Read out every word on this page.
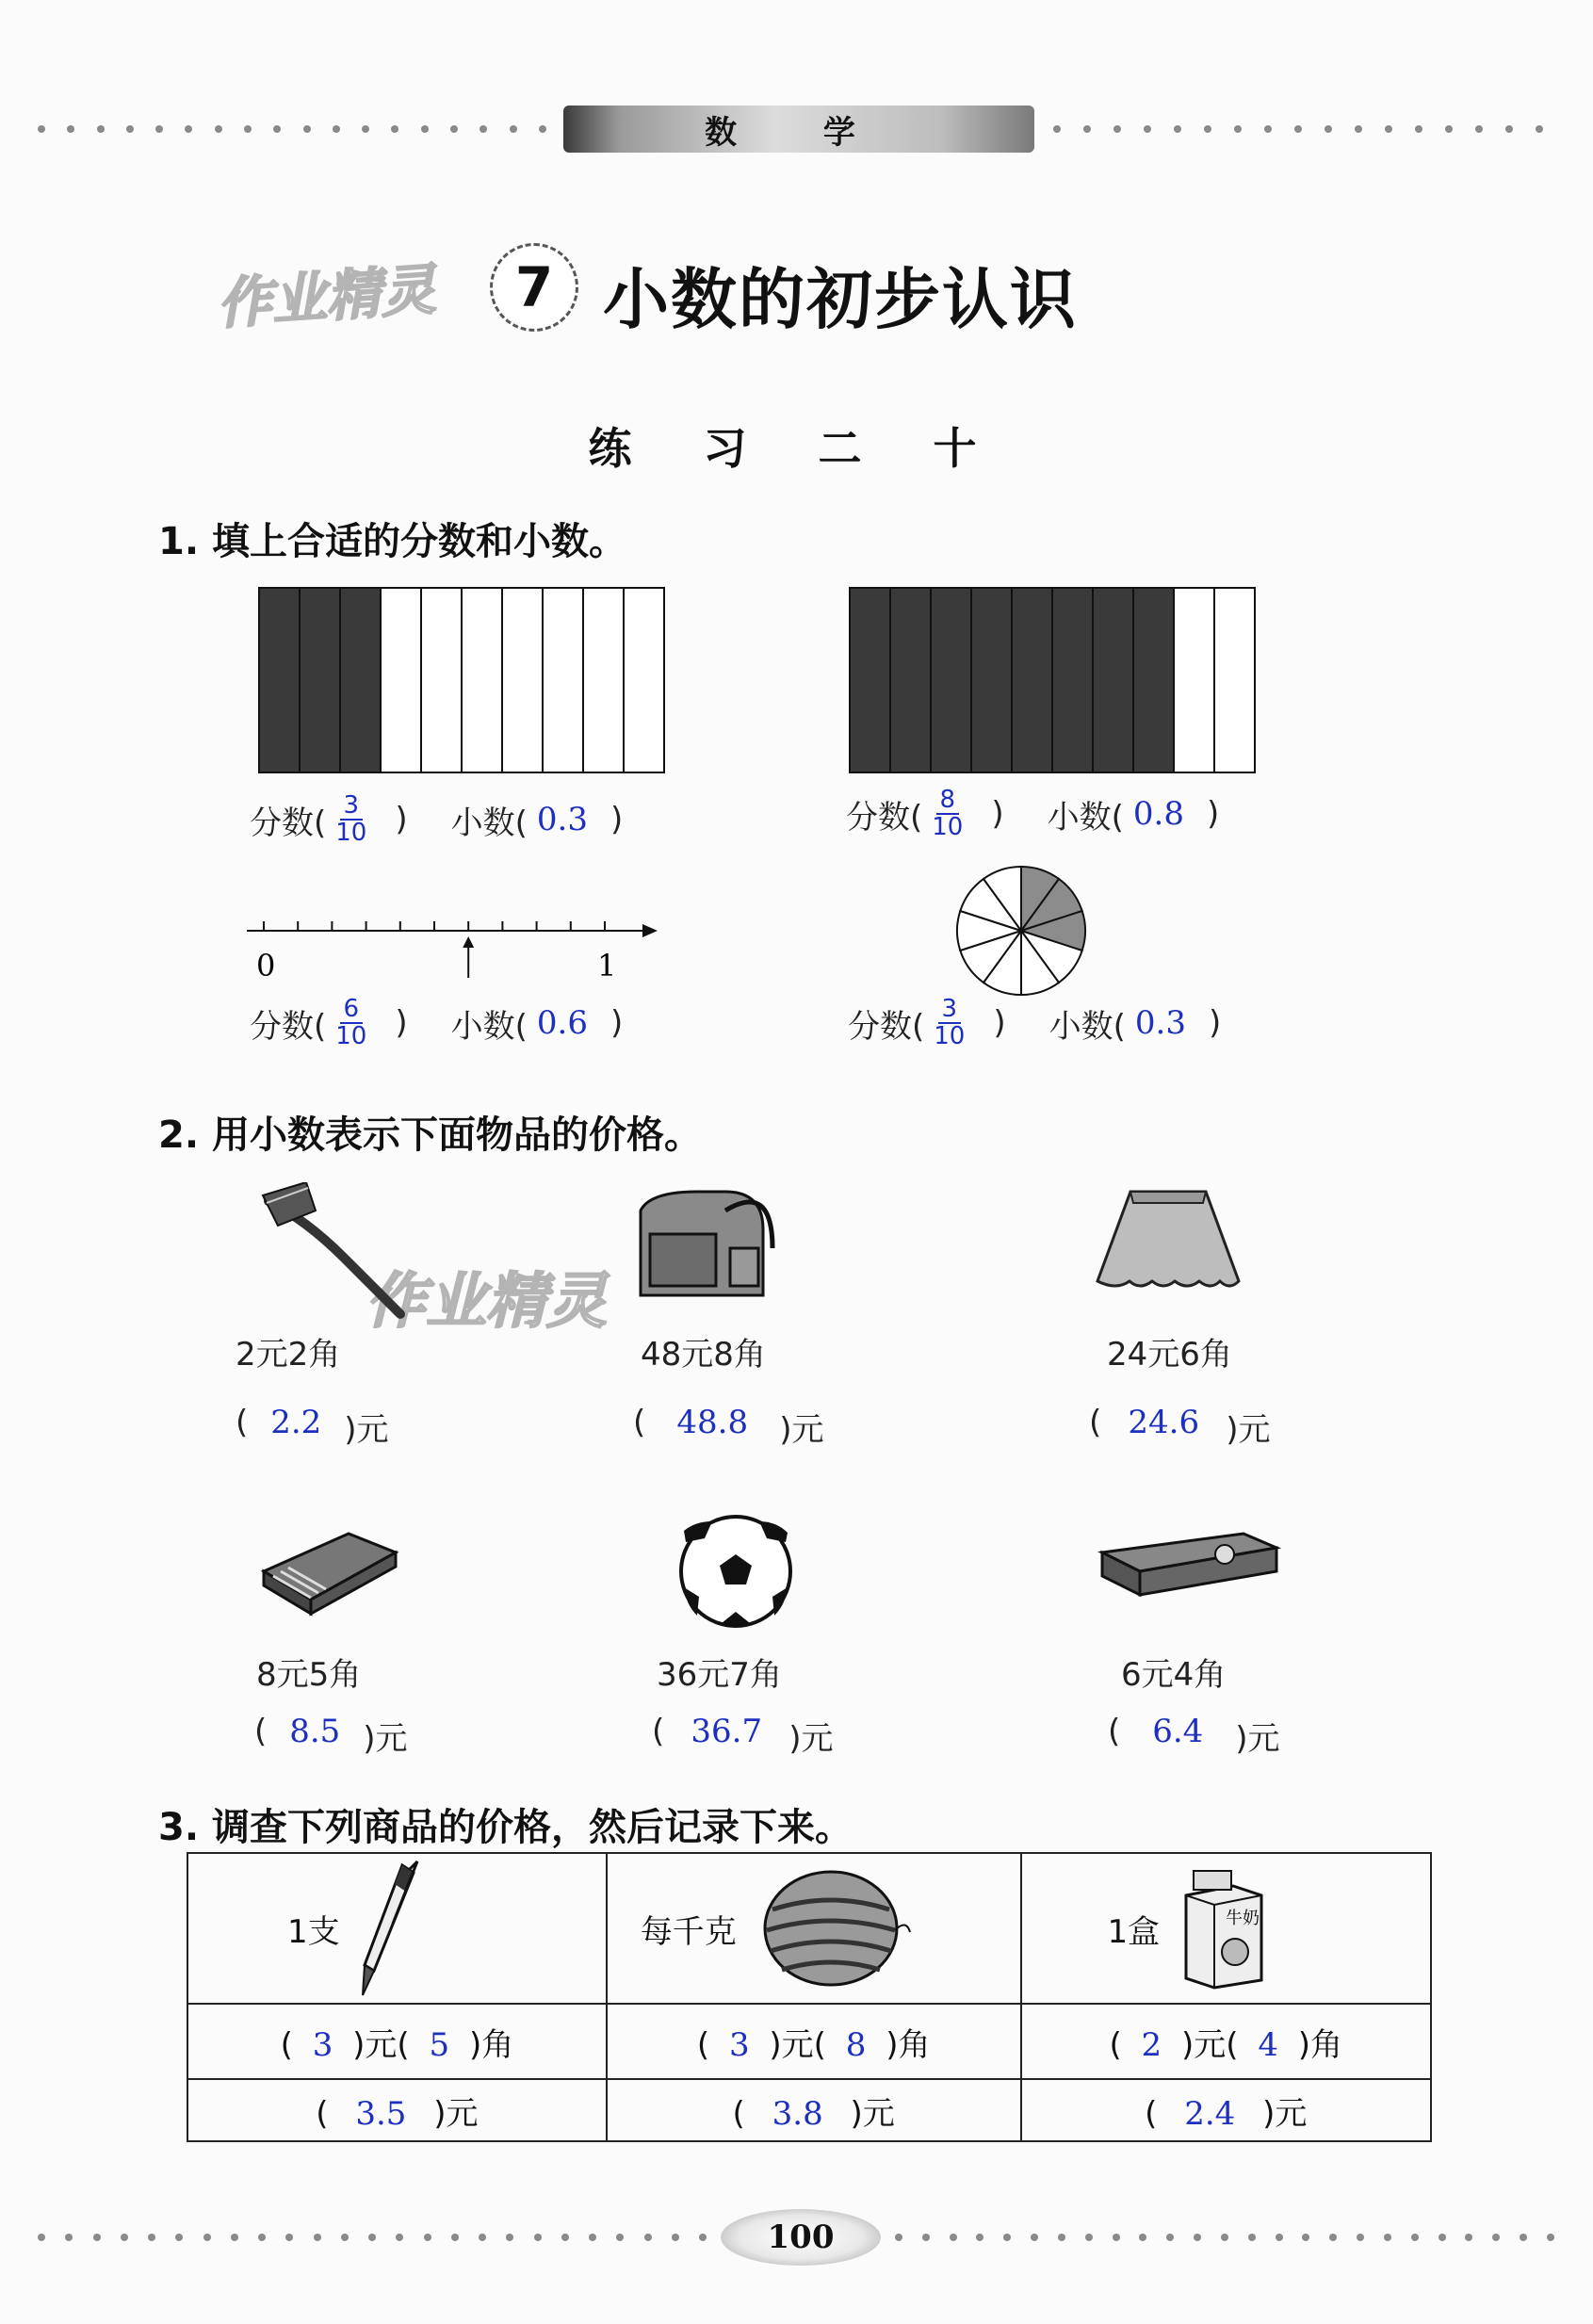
数 学
作业精灵	7 小数的初步认识
练 习 二 十
1. 填上合适的分数和小数。
分数( $\frac{3}{10}$ ) 小数( 0.3 )	分数( $\frac{8}{10}$ ) 小数( 0.8 )
0	1
分数( $\frac{6}{10}$ ) 小数( 0.6 )	分数( $\frac{3}{10}$ ) 小数( 0.3 )
2. 用小数表示下面物品的价格。
作业精灵
2元2角	48元8角	24元6角
( 2.2 )元	( 48.8 )元	( 24.6 )元
8元5角	36元7角	6元4角
( 8.5 )元	( 36.7 )元	( 6.4 )元
3. 调查下列商品的价格，然后记录下来。
1支	每千克	1盒 牛奶

( 3 )元( 5 )角	( 3 )元( 8 )角	( 2 )元( 4 )角
( 3.5 )元	( 3.8 )元	( 2.4 )元
100
